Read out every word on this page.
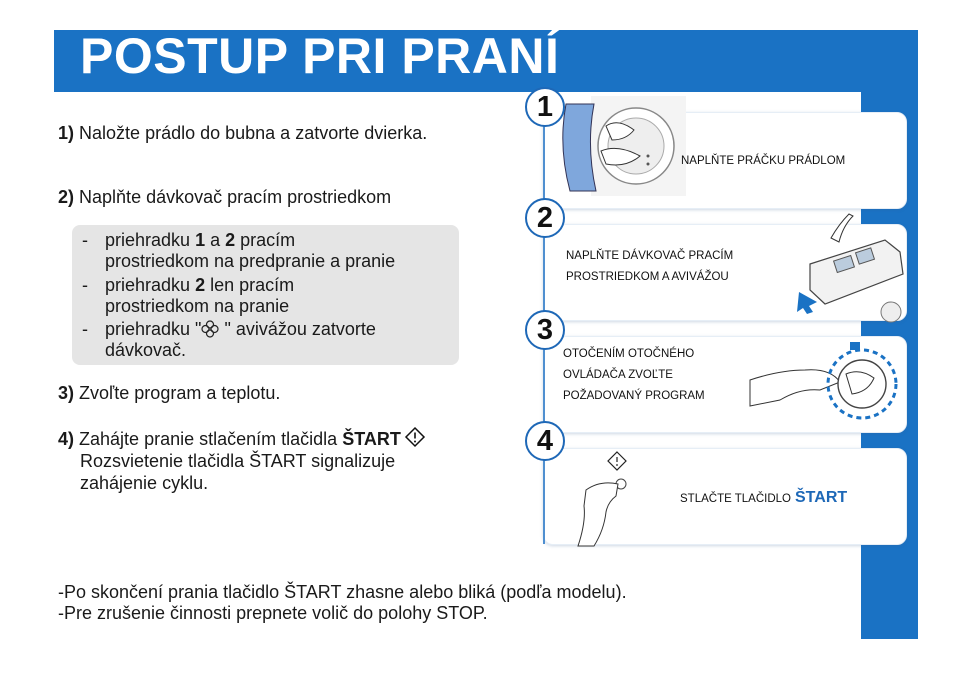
POSTUP PRI PRANÍ
1) Naložte prádlo do bubna a zatvorte dvierka.
2) Naplňte dávkovač pracím prostriedkom
- priehradku 1 a 2 pracím
prostriedkom na predpranie a pranie
- priehradku 2 len pracím
prostriedkom na pranie
- priehradku " " avivážou zatvorte
dávkovač.
3) Zvoľte program a teplotu.
4) Zahájte pranie stlačením tlačidla ŠTART
Rozsvietenie tlačidla ŠTART signalizuje
zahájenie cyklu.
-Po skončení prania tlačidlo ŠTART zhasne alebo bliká (podľa modelu).
-Pre zrušenie činnosti prepnete volič do polohy STOP.
NAPLŇTE PRÁČKU PRÁDLOM
NAPLŇTE DÁVKOVAČ PRACÍM
PROSTRIEDKOM A AVIVÁŽOU
OTOČENÍM OTOČNÉHO
OVLÁDAČA ZVOĽTE
POŽADOVANÝ PROGRAM
STLAČTE TLAČIDLO ŠTART
1
2
3
4
